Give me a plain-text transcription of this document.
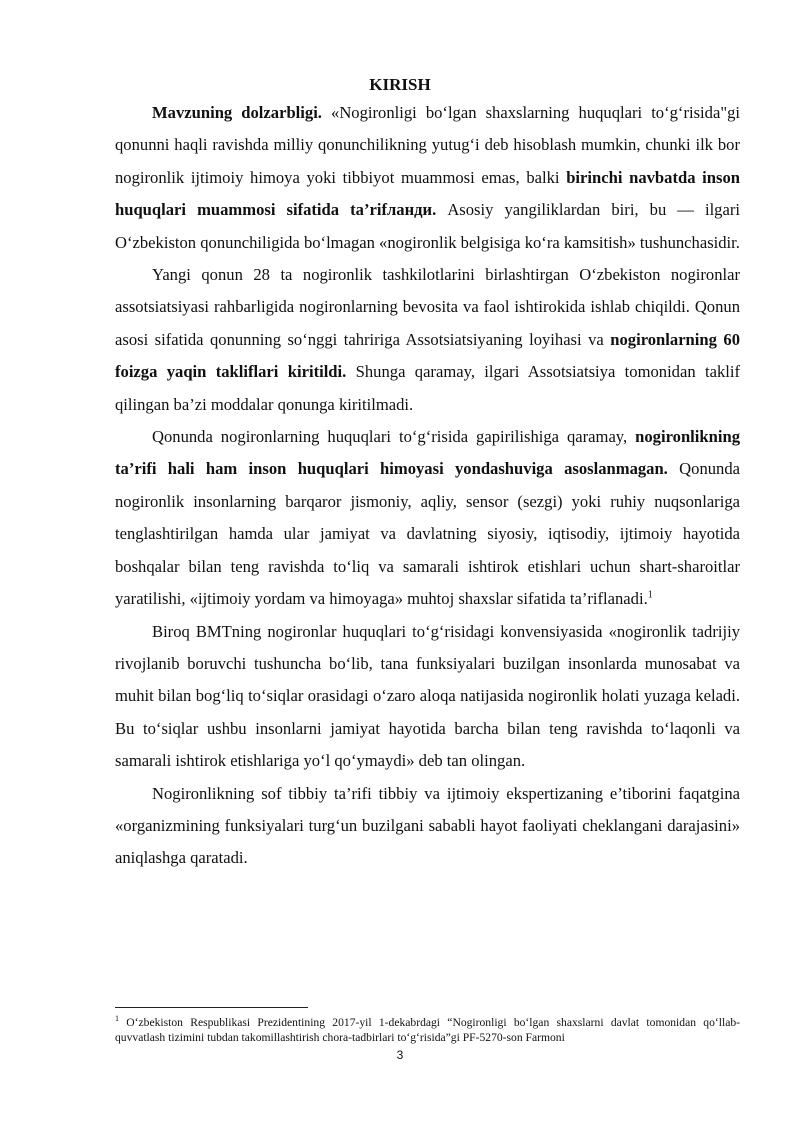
KIRISH

Mavzuning dolzarbligi. «Nogironligi bo‘lgan shaxslarning huquqlari to‘g‘risida"gi qonunni haqli ravishda milliy qonunchilikning yutug‘i deb hisoblash mumkin, chunki ilk bor nogironlik ijtimoiy himoya yoki tibbiyot muammosi emas, balki birinchi navbatda inson huquqlari muammosi sifatida ta’rifланди. Asosiy yangiliklardan biri, bu — ilgari O‘zbekiston qonunchiligida bo‘lmagan «nogironlik belgisiga ko‘ra kamsitish» tushunchasidir.

Yangi qonun 28 ta nogironlik tashkilotlarini birlashtirgan O‘zbekiston nogironlar assotsiatsiyasi rahbarligida nogironlarning bevosita va faol ishtirokida ishlab chiqildi. Qonun asosi sifatida qonunning so‘nggi tahririga Assotsiatsiyaning loyihasi va nogironlarning 60 foizga yaqin takliflari kiritildi. Shunga qaramay, ilgari Assotsiatsiya tomonidan taklif qilingan ba’zi moddalar qonunga kiritilmadi.

Qonunda nogironlarning huquqlari to‘g‘risida gapirilishiga qaramay, nogironlikning ta’rifi hali ham inson huquqlari himoyasi yondashuviga asoslanmagan. Qonunda nogironlik insonlarning barqaror jismoniy, aqliy, sensor (sezgi) yoki ruhiy nuqsonlariga tenglashtirilgan hamda ular jamiyat va davlatning siyosiy, iqtisodiy, ijtimoiy hayotida boshqalar bilan teng ravishda to‘liq va samarali ishtirok etishlari uchun shart-sharoitlar yaratilishi, «ijtimoiy yordam va himoyaga» muhtoj shaxslar sifatida ta’riflanadi.$^1$

Biroq BMTning nogironlar huquqlari to‘g‘risidagi konvensiyasida «nogironlik tadrijiy rivojlanib boruvchi tushuncha bo‘lib, tana funksiyalari buzilgan insonlarda munosabat va muhit bilan bog‘liq to‘siqlar orasidagi o‘zaro aloqa natijasida nogironlik holati yuzaga keladi. Bu to‘siqlar ushbu insonlarni jamiyat hayotida barcha bilan teng ravishda to‘laqonli va samarali ishtirok etishlariga yo‘l qo‘ymaydi» deb tan olingan.

Nogironlikning sof tibbiy ta’rifi tibbiy va ijtimoiy ekspertizaning e’tiborini faqatgina «organizmining funksiyalari turg‘un buzilgani sababli hayot faoliyati cheklangani darajasini» aniqlashga qaratadi.

$^1$ O‘zbekiston Respublikasi Prezidentining 2017-yil 1-dekabrdagi “Nogironligi bo‘lgan shaxslarni davlat tomonidan qo‘llab-quvvatlash tizimini tubdan takomillashtirish chora-tadbirlari to‘g‘risida”gi PF-5270-son Farmoni
3
